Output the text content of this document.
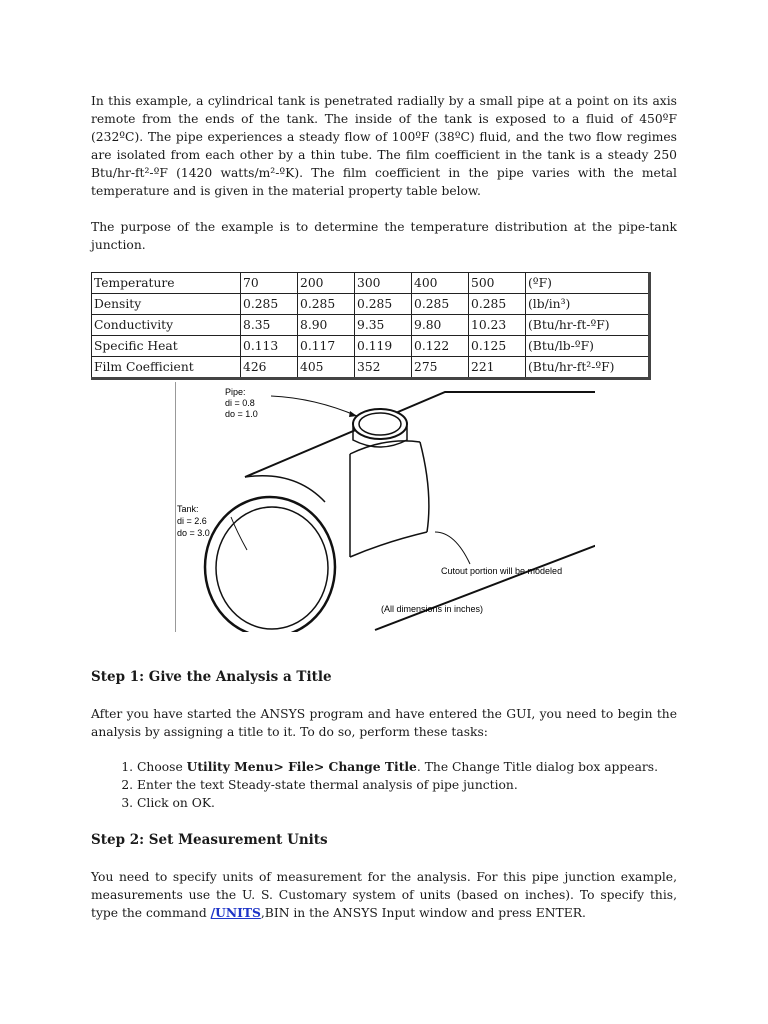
In this example, a cylindrical tank is penetrated radially by a small pipe at a point on its axis remote from the ends of the tank. The inside of the tank is exposed to a fluid of 450ºF (232ºC). The pipe experiences a steady flow of 100ºF (38ºC) fluid, and the two flow regimes are isolated from each other by a thin tube. The film coefficient in the tank is a steady 250 Btu/hr-ft²-ºF (1420 watts/m²-ºK). The film coefficient in the pipe varies with the metal temperature and is given in the material property table below.

The purpose of the example is to determine the temperature distribution at the pipe-tank junction.

Temperature	70	200	300	400	500	(ºF)
Density	0.285	0.285	0.285	0.285	0.285	(lb/in³)
Conductivity	8.35	8.90	9.35	9.80	10.23	(Btu/hr-ft-ºF)
Specific Heat	0.113	0.117	0.119	0.122	0.125	(Btu/lb-ºF)
Film Coefficient	426	405	352	275	221	(Btu/hr-ft²-ºF)
Pipe:
di = 0.8
do = 1.0
Tank:
di = 2.6
do = 3.0
Cutout portion will be modeled
(All dimensions in inches)

Step 1: Give the Analysis a Title

After you have started the ANSYS program and have entered the GUI, you need to begin the analysis by assigning a title to it. To do so, perform these tasks:

1. Choose Utility Menu> File> Change Title. The Change Title dialog box appears.
2. Enter the text Steady-state thermal analysis of pipe junction.
3. Click on OK.

Step 2: Set Measurement Units

You need to specify units of measurement for the analysis. For this pipe junction example, measurements use the U. S. Customary system of units (based on inches). To specify this, type the command /UNITS,BIN in the ANSYS Input window and press ENTER.
